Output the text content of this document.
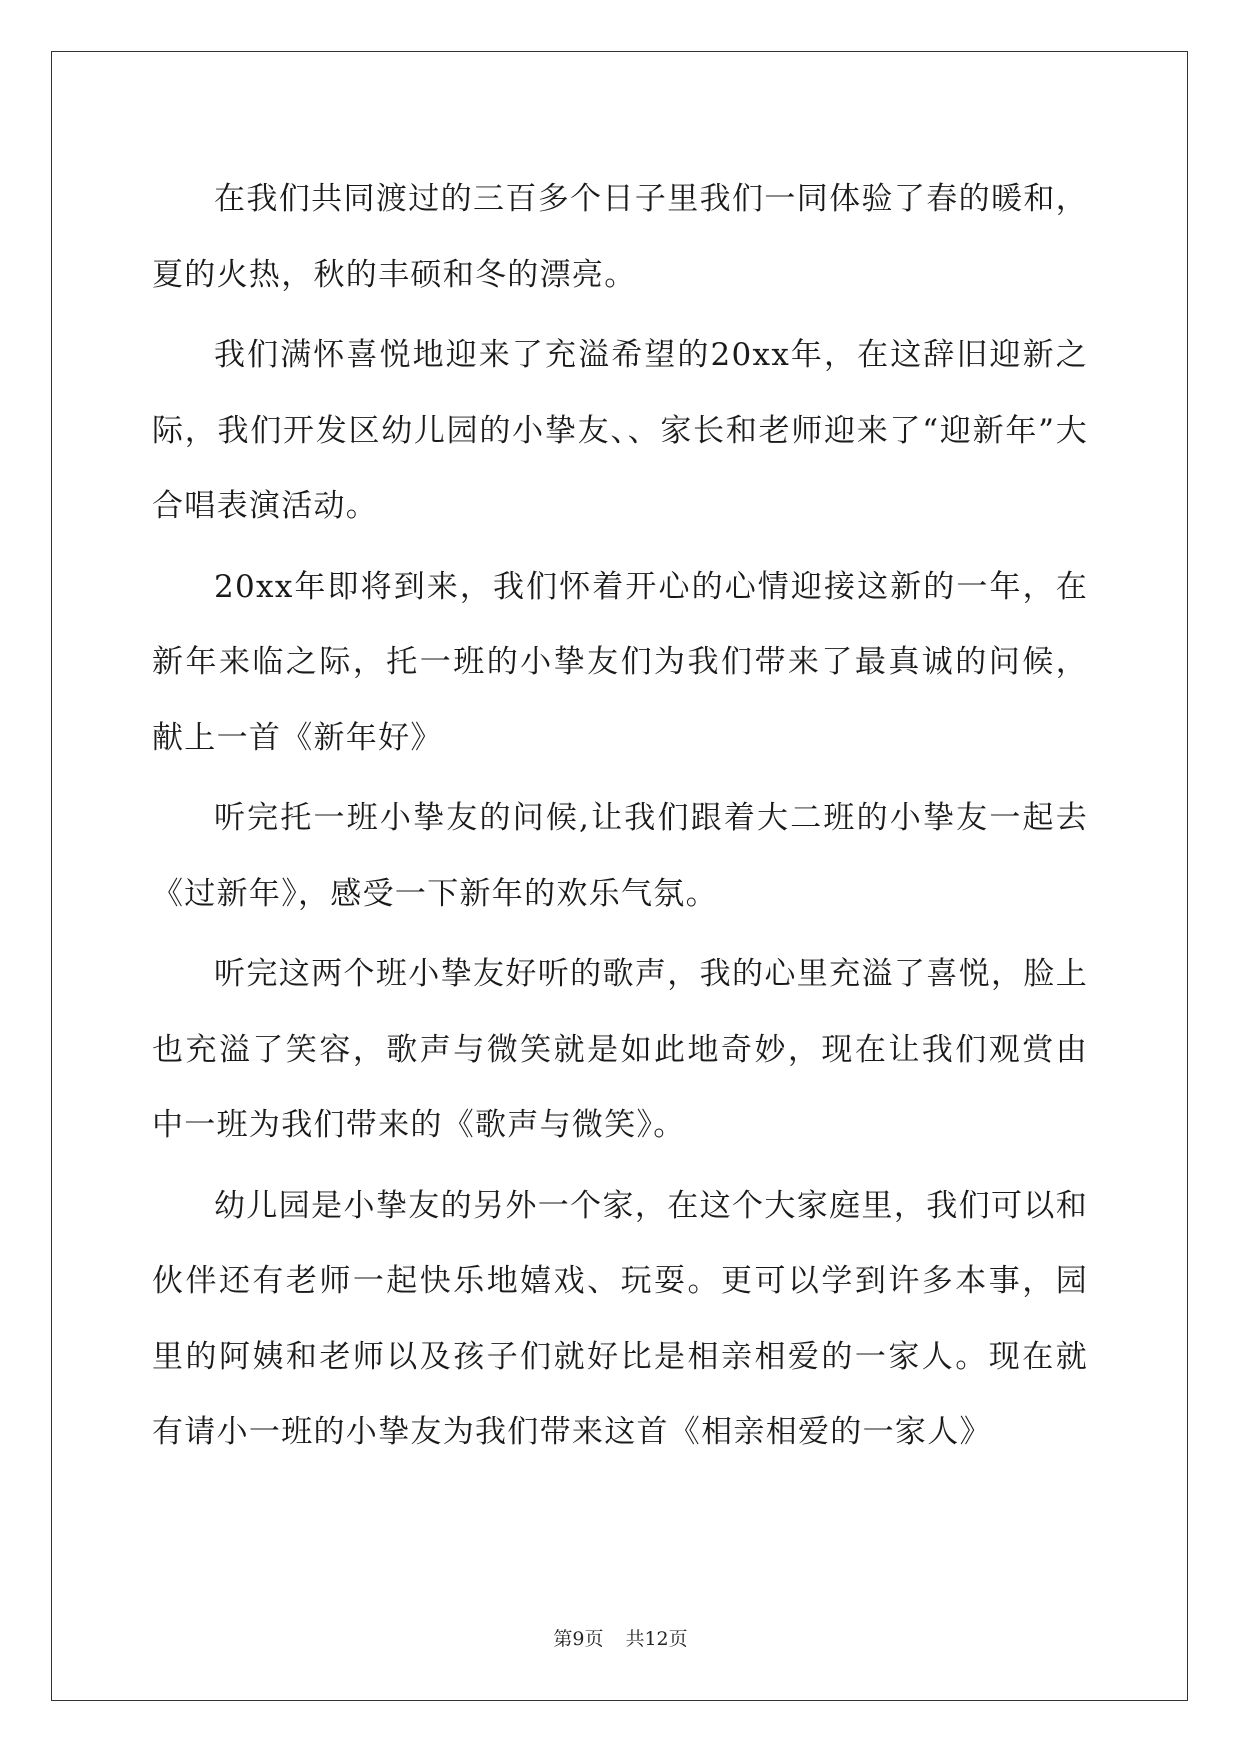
在我们共同渡过的三百多个日子里我们一同体验了春的暖和，夏的火热，秋的丰硕和冬的漂亮。

我们满怀喜悦地迎来了充溢希望的20xx年，在这辞旧迎新之际，我们开发区幼儿园的小挚友、、家长和老师迎来了“迎新年”大合唱表演活动。

20xx年即将到来，我们怀着开心的心情迎接这新的一年，在新年来临之际，托一班的小挚友们为我们带来了最真诚的问候，献上一首《新年好》

听完托一班小挚友的问候,让我们跟着大二班的小挚友一起去《过新年》，感受一下新年的欢乐气氛。

听完这两个班小挚友好听的歌声，我的心里充溢了喜悦，脸上也充溢了笑容，歌声与微笑就是如此地奇妙，现在让我们观赏由中一班为我们带来的《歌声与微笑》。

幼儿园是小挚友的另外一个家，在这个大家庭里，我们可以和伙伴还有老师一起快乐地嬉戏、玩耍。更可以学到许多本事，园里的阿姨和老师以及孩子们就好比是相亲相爱的一家人。现在就有请小一班的小挚友为我们带来这首《相亲相爱的一家人》

第9页 共12页
